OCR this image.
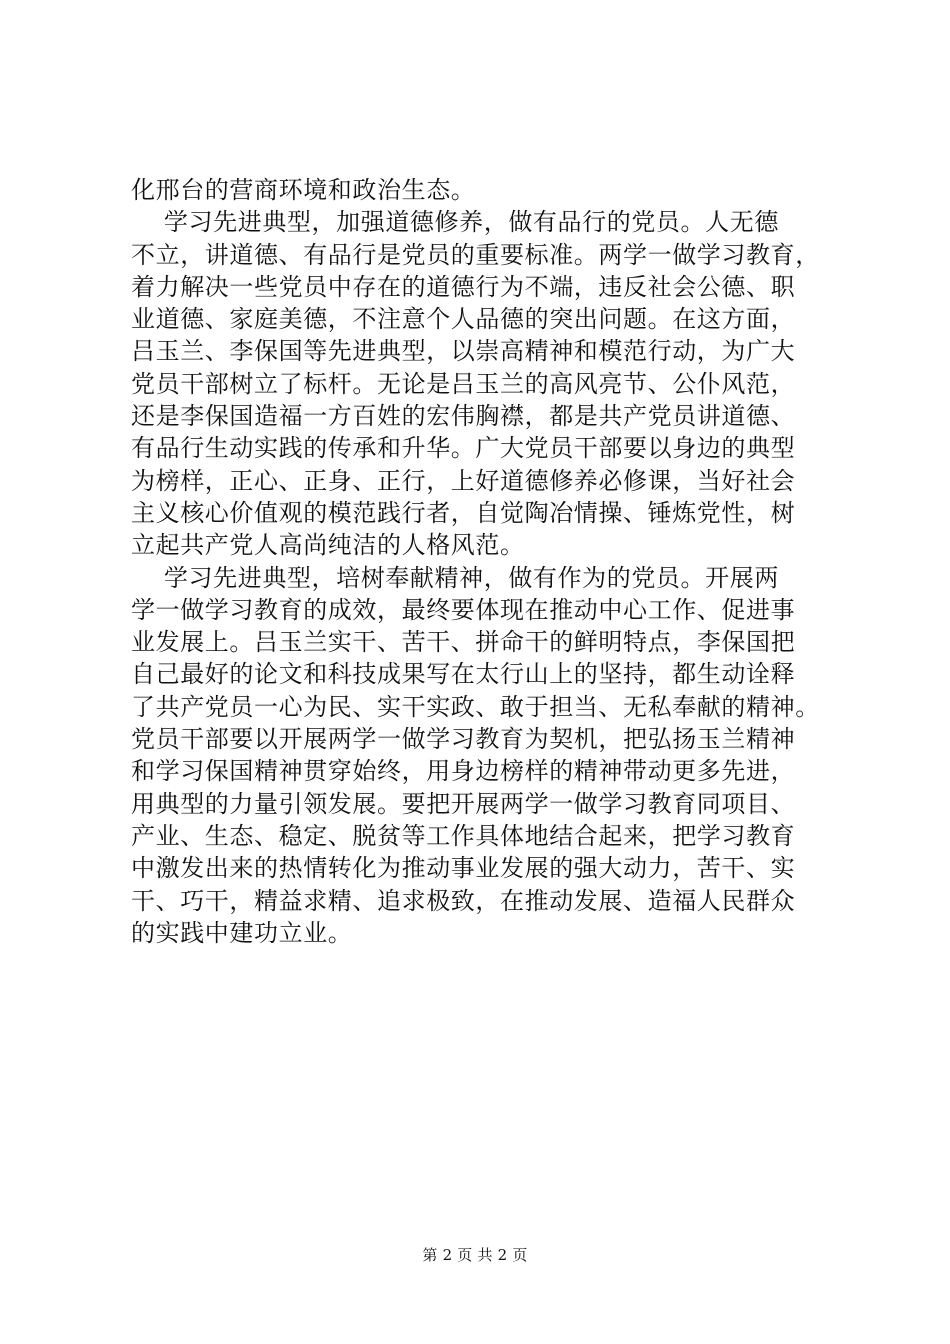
化邢台的营商环境和政治生态。
学习先进典型，加强道德修养，做有品行的党员。人无德
不立，讲道德、有品行是党员的重要标准。两学一做学习教育，
着力解决一些党员中存在的道德行为不端，违反社会公德、职
业道德、家庭美德，不注意个人品德的突出问题。在这方面，
吕玉兰、李保国等先进典型，以崇高精神和模范行动，为广大
党员干部树立了标杆。无论是吕玉兰的高风亮节、公仆风范，
还是李保国造福一方百姓的宏伟胸襟，都是共产党员讲道德、
有品行生动实践的传承和升华。广大党员干部要以身边的典型
为榜样，正心、正身、正行，上好道德修养必修课，当好社会
主义核心价值观的模范践行者，自觉陶冶情操、锤炼党性，树
立起共产党人高尚纯洁的人格风范。
学习先进典型，培树奉献精神，做有作为的党员。开展两
学一做学习教育的成效，最终要体现在推动中心工作、促进事
业发展上。吕玉兰实干、苦干、拼命干的鲜明特点，李保国把
自己最好的论文和科技成果写在太行山上的坚持，都生动诠释
了共产党员一心为民、实干实政、敢于担当、无私奉献的精神。
党员干部要以开展两学一做学习教育为契机，把弘扬玉兰精神
和学习保国精神贯穿始终，用身边榜样的精神带动更多先进，
用典型的力量引领发展。要把开展两学一做学习教育同项目、
产业、生态、稳定、脱贫等工作具体地结合起来，把学习教育
中激发出来的热情转化为推动事业发展的强大动力，苦干、实
干、巧干，精益求精、追求极致，在推动发展、造福人民群众
的实践中建功立业。
第 2 页 共 2 页
